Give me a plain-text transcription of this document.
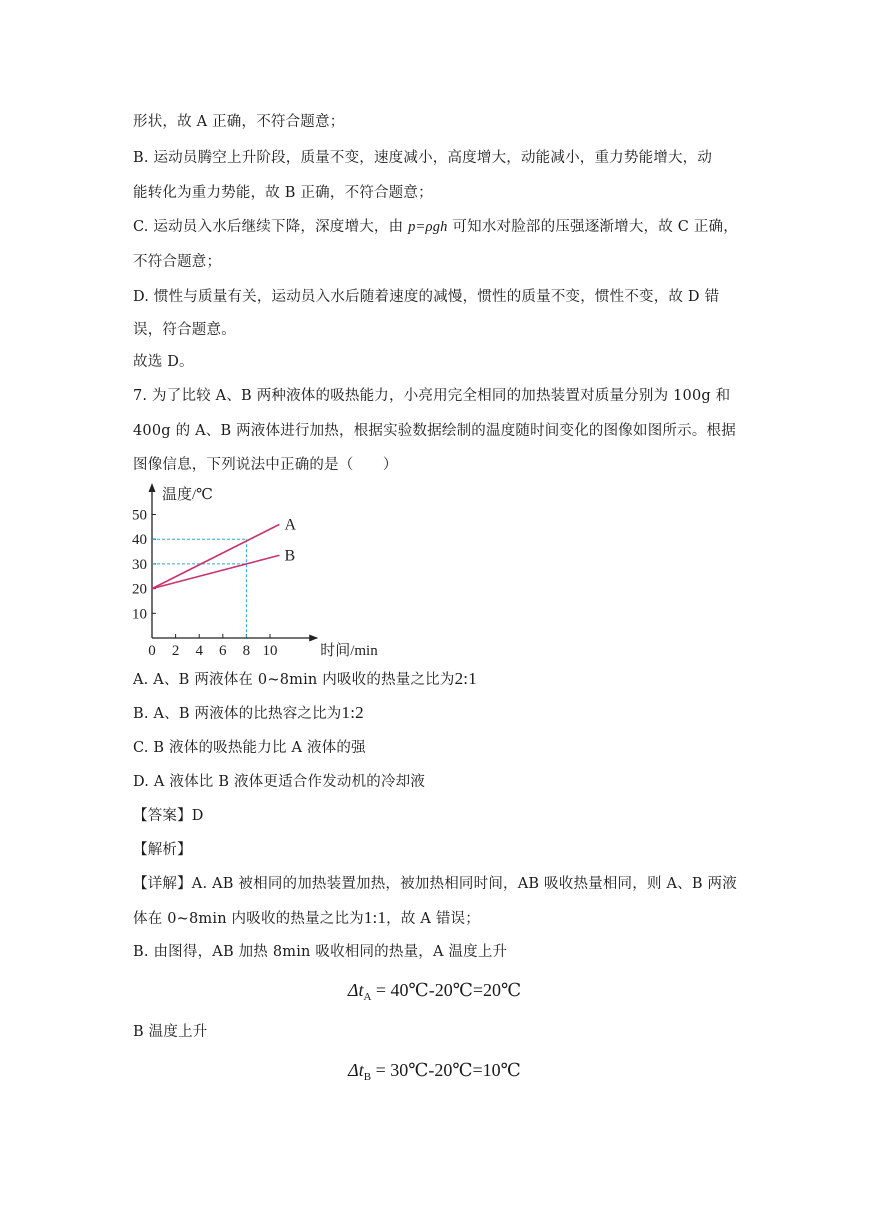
形状，故 A 正确，不符合题意；
B. 运动员腾空上升阶段，质量不变，速度减小，高度增大，动能减小，重力势能增大，动
能转化为重力势能，故 B 正确，不符合题意；
C. 运动员入水后继续下降，深度增大，由 p=ρgh 可知水对脸部的压强逐渐增大，故 C 正确，
不符合题意；
D. 惯性与质量有关，运动员入水后随着速度的减慢，惯性的质量不变，惯性不变，故 D 错
误，符合题意。
故选 D。
7. 为了比较 A、B 两种液体的吸热能力，小亮用完全相同的加热装置对质量分别为 100g 和
400g 的 A、B 两液体进行加热，根据实验数据绘制的温度随时间变化的图像如图所示。根据
图像信息，下列说法中正确的是（　　）
10
20
30
40
50
0 2 4 6 8 10
温度/℃
时间/min
A
B
A. A、B 两液体在 0~8min 内吸收的热量之比为2:1
B. A、B 两液体的比热容之比为1:2
C. B 液体的吸热能力比 A 液体的强
D. A 液体比 B 液体更适合作发动机的冷却液
【答案】D
【解析】
【详解】A. AB 被相同的加热装置加热，被加热相同时间，AB 吸收热量相同，则 A、B 两液
体在 0~8min 内吸收的热量之比为1:1，故 A 错误；
B. 由图得，AB 加热 8min 吸收相同的热量，A 温度上升
$\Delta t_A$ = 40℃-20℃=20℃
B 温度上升
$\Delta t_B$ = 30℃-20℃=10℃
